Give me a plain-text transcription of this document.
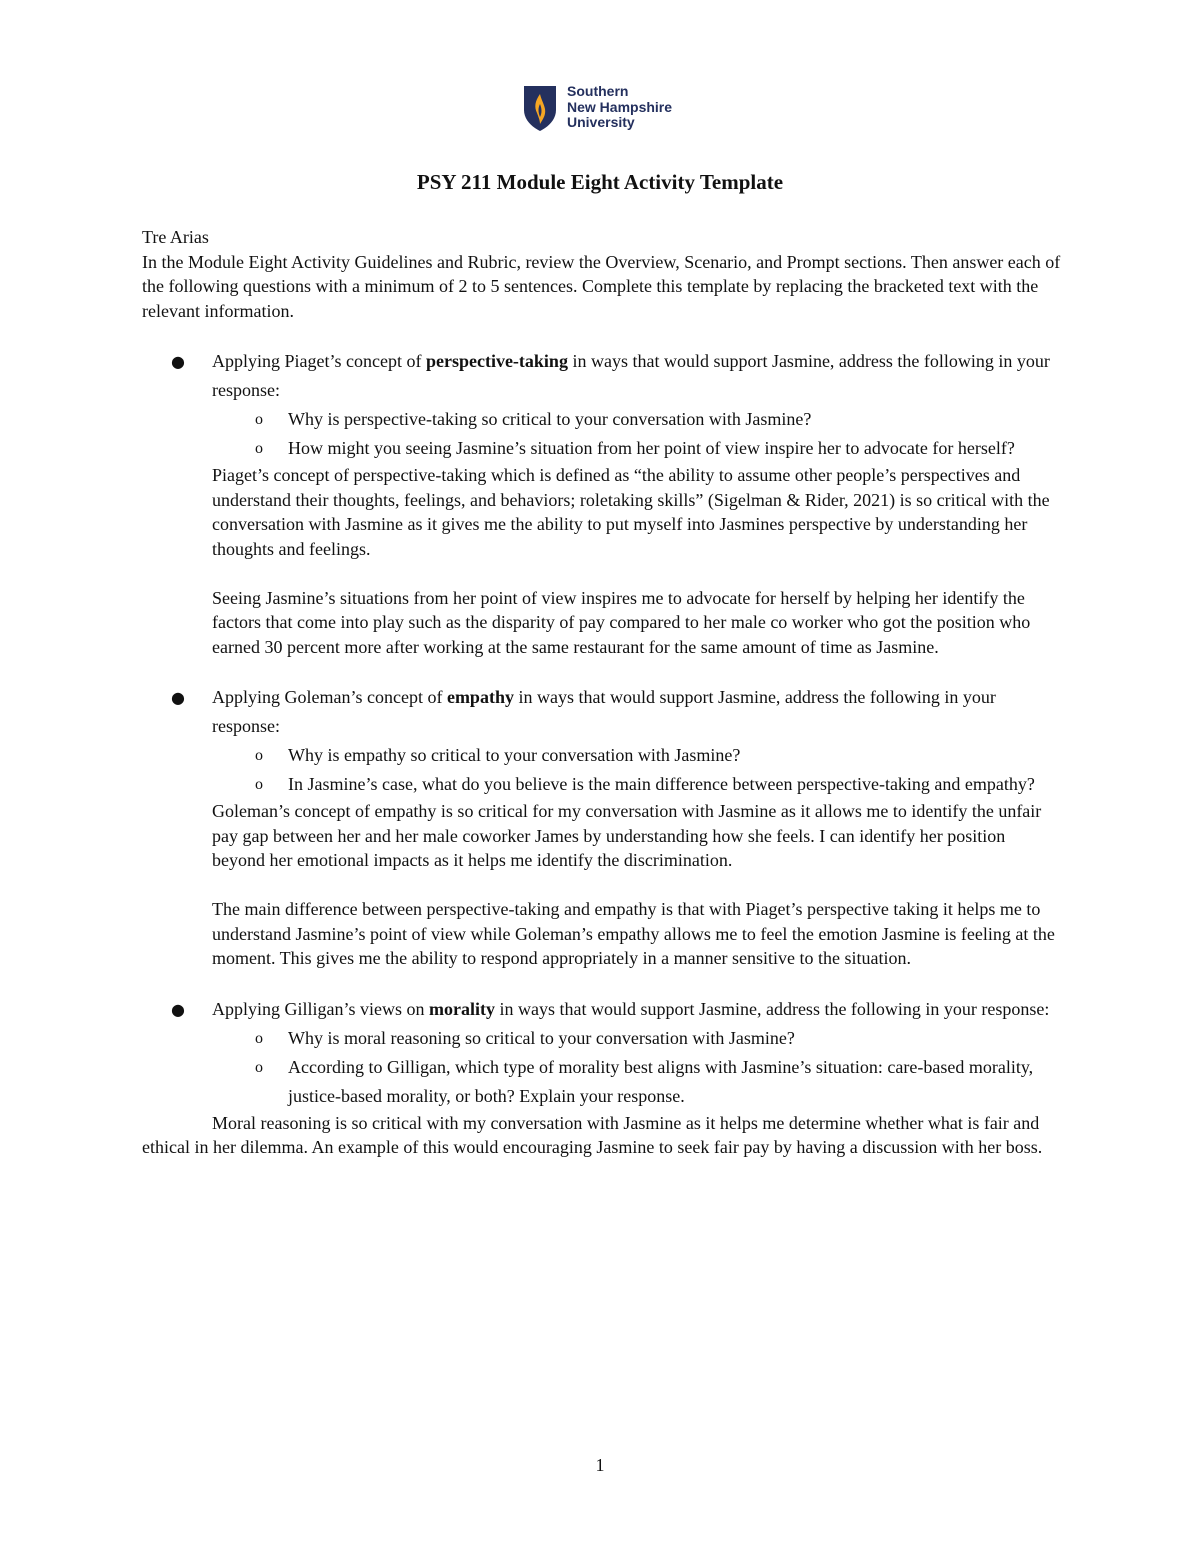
Southern
New Hampshire
University
PSY 211 Module Eight Activity Template

Tre Arias

In the Module Eight Activity Guidelines and Rubric, review the Overview, Scenario, and Prompt sections. Then answer each of the following questions with a minimum of 2 to 5 sentences. Complete this template by replacing the bracketed text with the relevant information.

● Applying Piaget’s concept of perspective-taking in ways that would support Jasmine, address the following in your response:

o Why is perspective-taking so critical to your conversation with Jasmine?

o How might you seeing Jasmine’s situation from her point of view inspire her to advocate for herself?

Piaget’s concept of perspective-taking which is defined as “the ability to assume other people’s perspectives and understand their thoughts, feelings, and behaviors; roletaking skills” (Sigelman & Rider, 2021) is so critical with the conversation with Jasmine as it gives me the ability to put myself into Jasmines perspective by understanding her thoughts and feelings.

Seeing Jasmine’s situations from her point of view inspires me to advocate for herself by helping her identify the factors that come into play such as the disparity of pay compared to her male co worker who got the position who earned 30 percent more after working at the same restaurant for the same amount of time as Jasmine.

● Applying Goleman’s concept of empathy in ways that would support Jasmine, address the following in your response:

o Why is empathy so critical to your conversation with Jasmine?

o In Jasmine’s case, what do you believe is the main difference between perspective-taking and empathy?

Goleman’s concept of empathy is so critical for my conversation with Jasmine as it allows me to identify the unfair pay gap between her and her male coworker James by understanding how she feels. I can identify her position beyond her emotional impacts as it helps me identify the discrimination.

The main difference between perspective-taking and empathy is that with Piaget’s perspective taking it helps me to understand Jasmine’s point of view while Goleman’s empathy allows me to feel the emotion Jasmine is feeling at the moment. This gives me the ability to respond appropriately in a manner sensitive to the situation.

● Applying Gilligan’s views on morality in ways that would support Jasmine, address the following in your response:

o Why is moral reasoning so critical to your conversation with Jasmine?

o According to Gilligan, which type of morality best aligns with Jasmine’s situation: care-based morality, justice-based morality, or both? Explain your response.

Moral reasoning is so critical with my conversation with Jasmine as it helps me determine whether what is fair and ethical in her dilemma. An example of this would encouraging Jasmine to seek fair pay by having a discussion with her boss.

1
